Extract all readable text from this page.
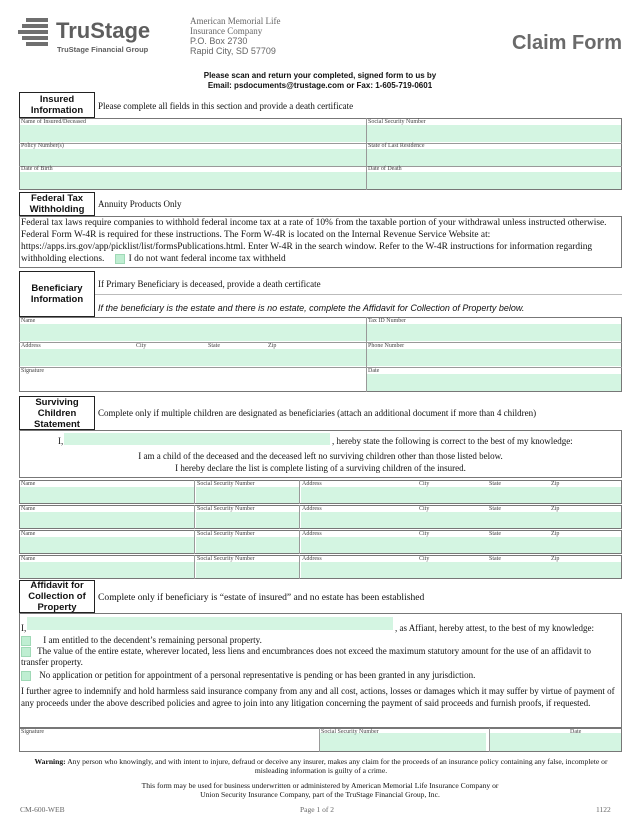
TruStage
TruStage Financial Group
American Memorial Life
Insurance Company
P.O. Box 2730
Rapid City, SD 57709	Claim Form
Please scan and return your completed, signed form to us by
Email: psdocuments@trustage.com or Fax: 1-605-719-0601
Insured Information	Please complete all fields in this section and provide a death certificate
Name of Insured/Deceased	Social Security Number
Policy Number(s)	State of Last Residence
Date of Birth	Date of Death
Federal Tax Withholding	Annuity Products Only
Federal tax laws require companies to withhold federal income tax at a rate of 10% from the taxable portion of your withdrawal unless instructed otherwise. Federal Form W-4R is required for these instructions. The Form W-4R is located on the Internal Revenue Service Website at: https://apps.irs.gov/app/picklist/list/formsPublications.html. Enter W-4R in the search window. Refer to the W-4R instructions for information regarding withholding elections.	I do not want federal income tax withheld
Beneficiary Information
If Primary Beneficiary is deceased, provide a death certificate
If the beneficiary is the estate and there is no estate, complete the Affidavit for Collection of Property below.
Name	Tax ID Number
Address	City	State	Zip	Phone Number
Signature	Date
Surviving Children Statement
Complete only if multiple children are designated as beneficiaries (attach an additional document if more than 4 children)
I,	, hereby state the following is correct to the best of my knowledge:
I am a child of the deceased and the deceased left no surviving children other than those listed below.
I hereby declare the list is complete listing of a surviving children of the insured.
Name	Social Security Number	Address	City	State	Zip
Name	Social Security Number	Address	City	State	Zip
Name	Social Security Number	Address	City	State	Zip
Name	Social Security Number	Address	City	State	Zip
Affidavit for Collection of Property
Complete only if beneficiary is “estate of insured” and no estate has been established
I,	, as Affiant, hereby attest, to the best of my knowledge:
I am entitled to the decendent’s remaining personal property.
The value of the entire estate, wherever located, less liens and encumbrances does not exceed the maximum statutory amount for the use of an affidavit to transfer property.
No application or petition for appointment of a personal representative is pending or has been granted in any jurisdiction.
I further agree to indemnify and hold harmless said insurance company from any and all cost, actions, losses or damages which it may suffer by virtue of payment of any proceeds under the above described policies and agree to join into any litigation concerning the payment of said proceeds and furnish proofs, if requested.
Signature	Social Security Number	Date
Warning: Any person who knowingly, and with intent to injure, defraud or deceive any insurer, makes any claim for the proceeds of an insurance policy containing any false, incomplete or misleading information is guilty of a crime.
This form may be used for business underwritten or administered by American Memorial Life Insurance Company or
Union Security Insurance Company, part of the TruStage Financial Group, Inc.
CM-600-WEB	Page 1 of 2	1122
